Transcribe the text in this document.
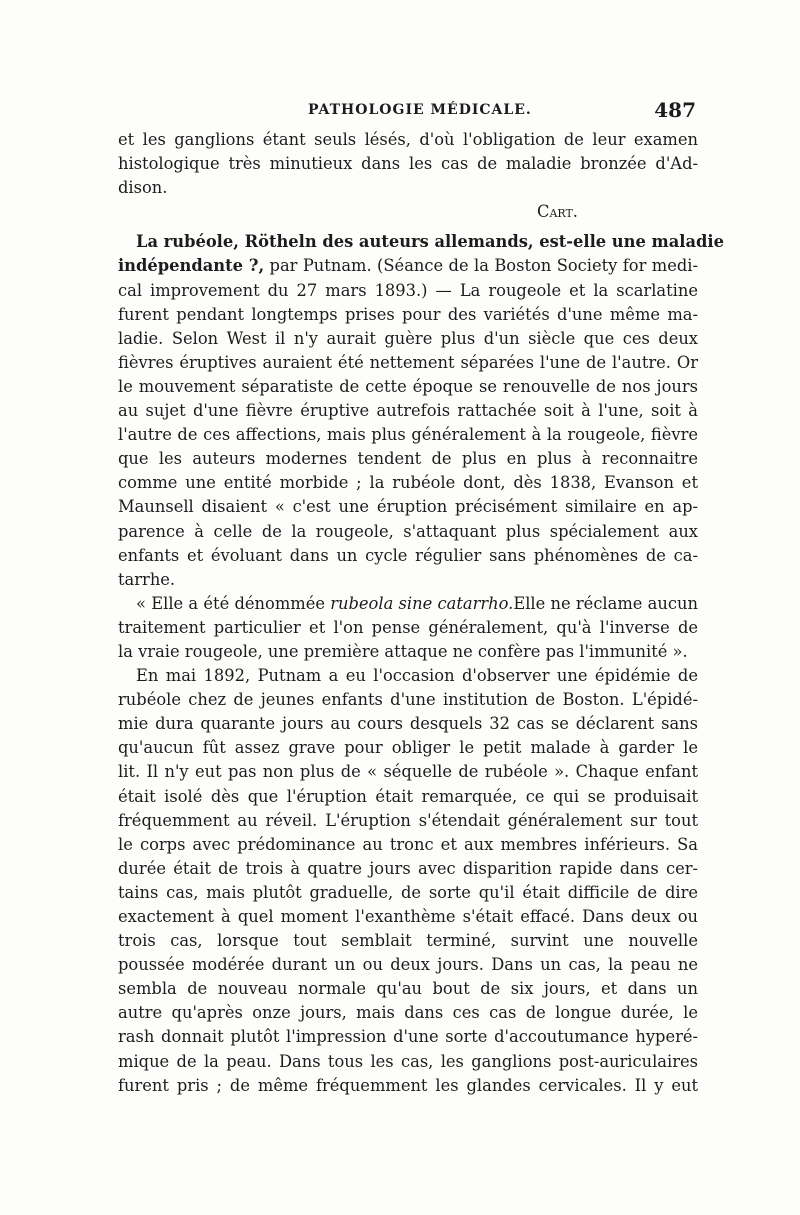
PATHOLOGIE MÉDICALE.	487
et les ganglions étant seuls lésés, d'où l'obligation de leur examen
histologique très minutieux dans les cas de maladie bronzée d'Ad-
dison.
Cart.
La rubéole, Rötheln des auteurs allemands, est-elle une maladie
indépendante ?, par Putnam. (Séance de la Boston Society for medi-
cal improvement du 27 mars 1893.) — La rougeole et la scarlatine
furent pendant longtemps prises pour des variétés d'une même ma-
ladie. Selon West il n'y aurait guère plus d'un siècle que ces deux
fièvres éruptives auraient été nettement séparées l'une de l'autre. Or
le mouvement séparatiste de cette époque se renouvelle de nos jours
au sujet d'une fièvre éruptive autrefois rattachée soit à l'une, soit à
l'autre de ces affections, mais plus généralement à la rougeole, fièvre
que les auteurs modernes tendent de plus en plus à reconnaitre
comme une entité morbide ; la rubéole dont, dès 1838, Evanson et
Maunsell disaient « c'est une éruption précisément similaire en ap-
parence à celle de la rougeole, s'attaquant plus spécialement aux
enfants et évoluant dans un cycle régulier sans phénomènes de ca-
tarrhe.
« Elle a été dénommée rubeola sine catarrho.Elle ne réclame aucun
traitement particulier et l'on pense généralement, qu'à l'inverse de
la vraie rougeole, une première attaque ne confère pas l'immunité ».
En mai 1892, Putnam a eu l'occasion d'observer une épidémie de
rubéole chez de jeunes enfants d'une institution de Boston. L'épidé-
mie dura quarante jours au cours desquels 32 cas se déclarent sans
qu'aucun fût assez grave pour obliger le petit malade à garder le
lit. Il n'y eut pas non plus de « séquelle de rubéole ». Chaque enfant
était isolé dès que l'éruption était remarquée, ce qui se produisait
fréquemment au réveil. L'éruption s'étendait généralement sur tout
le corps avec prédominance au tronc et aux membres inférieurs. Sa
durée était de trois à quatre jours avec disparition rapide dans cer-
tains cas, mais plutôt graduelle, de sorte qu'il était difficile de dire
exactement à quel moment l'exanthème s'était effacé. Dans deux ou
trois cas, lorsque tout semblait terminé, survint une nouvelle
poussée modérée durant un ou deux jours. Dans un cas, la peau ne
sembla de nouveau normale qu'au bout de six jours, et dans un
autre qu'après onze jours, mais dans ces cas de longue durée, le
rash donnait plutôt l'impression d'une sorte d'accoutumance hyperé-
mique de la peau. Dans tous les cas, les ganglions post-auriculaires
furent pris ; de même fréquemment les glandes cervicales. Il y eut
